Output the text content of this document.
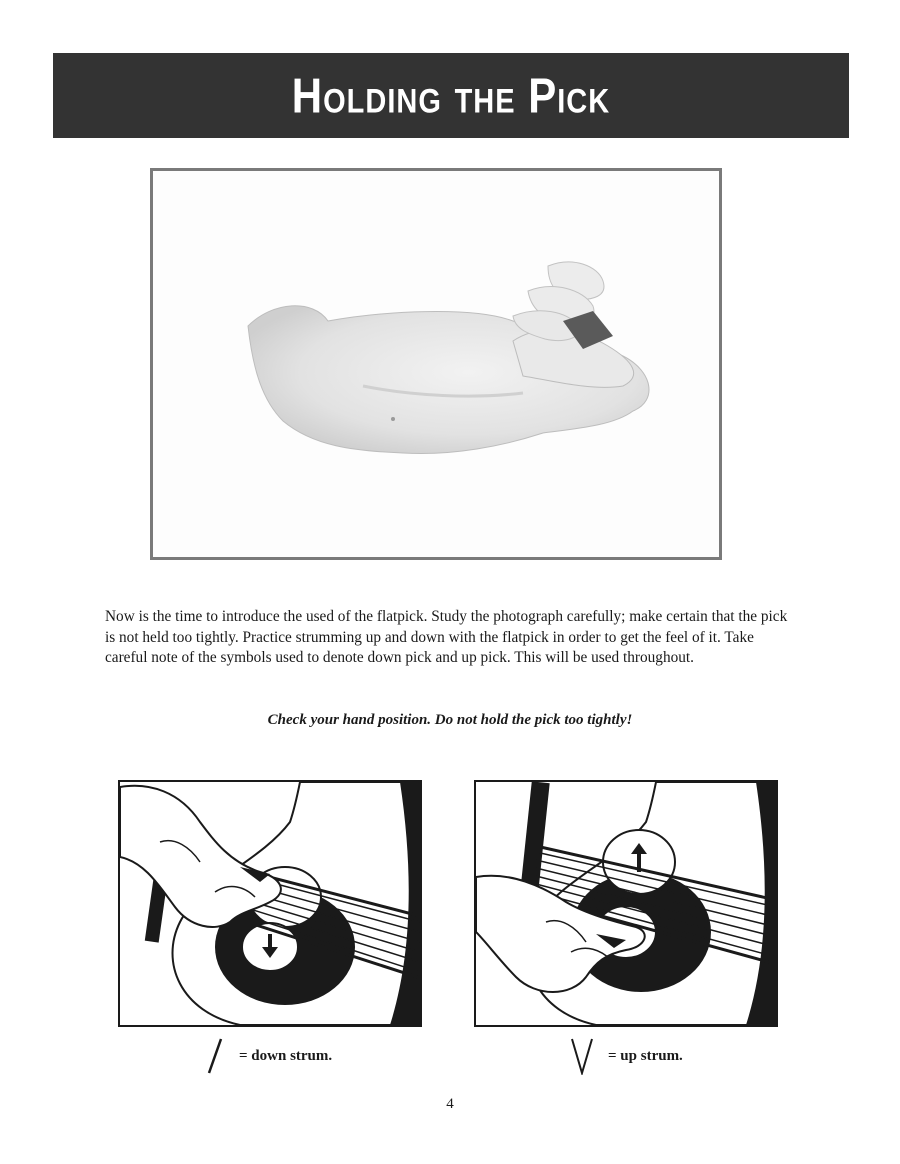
Holding the Pick

Now is the time to introduce the used of the flatpick. Study the photograph carefully; make certain that the pick is not held too tightly. Practice strumming up and down with the flatpick in order to get the feel of it. Take careful note of the symbols used to denote down pick and up pick. This will be used throughout.

Check your hand position. Do not hold the pick too tightly!
= down strum.	= up strum.
4
